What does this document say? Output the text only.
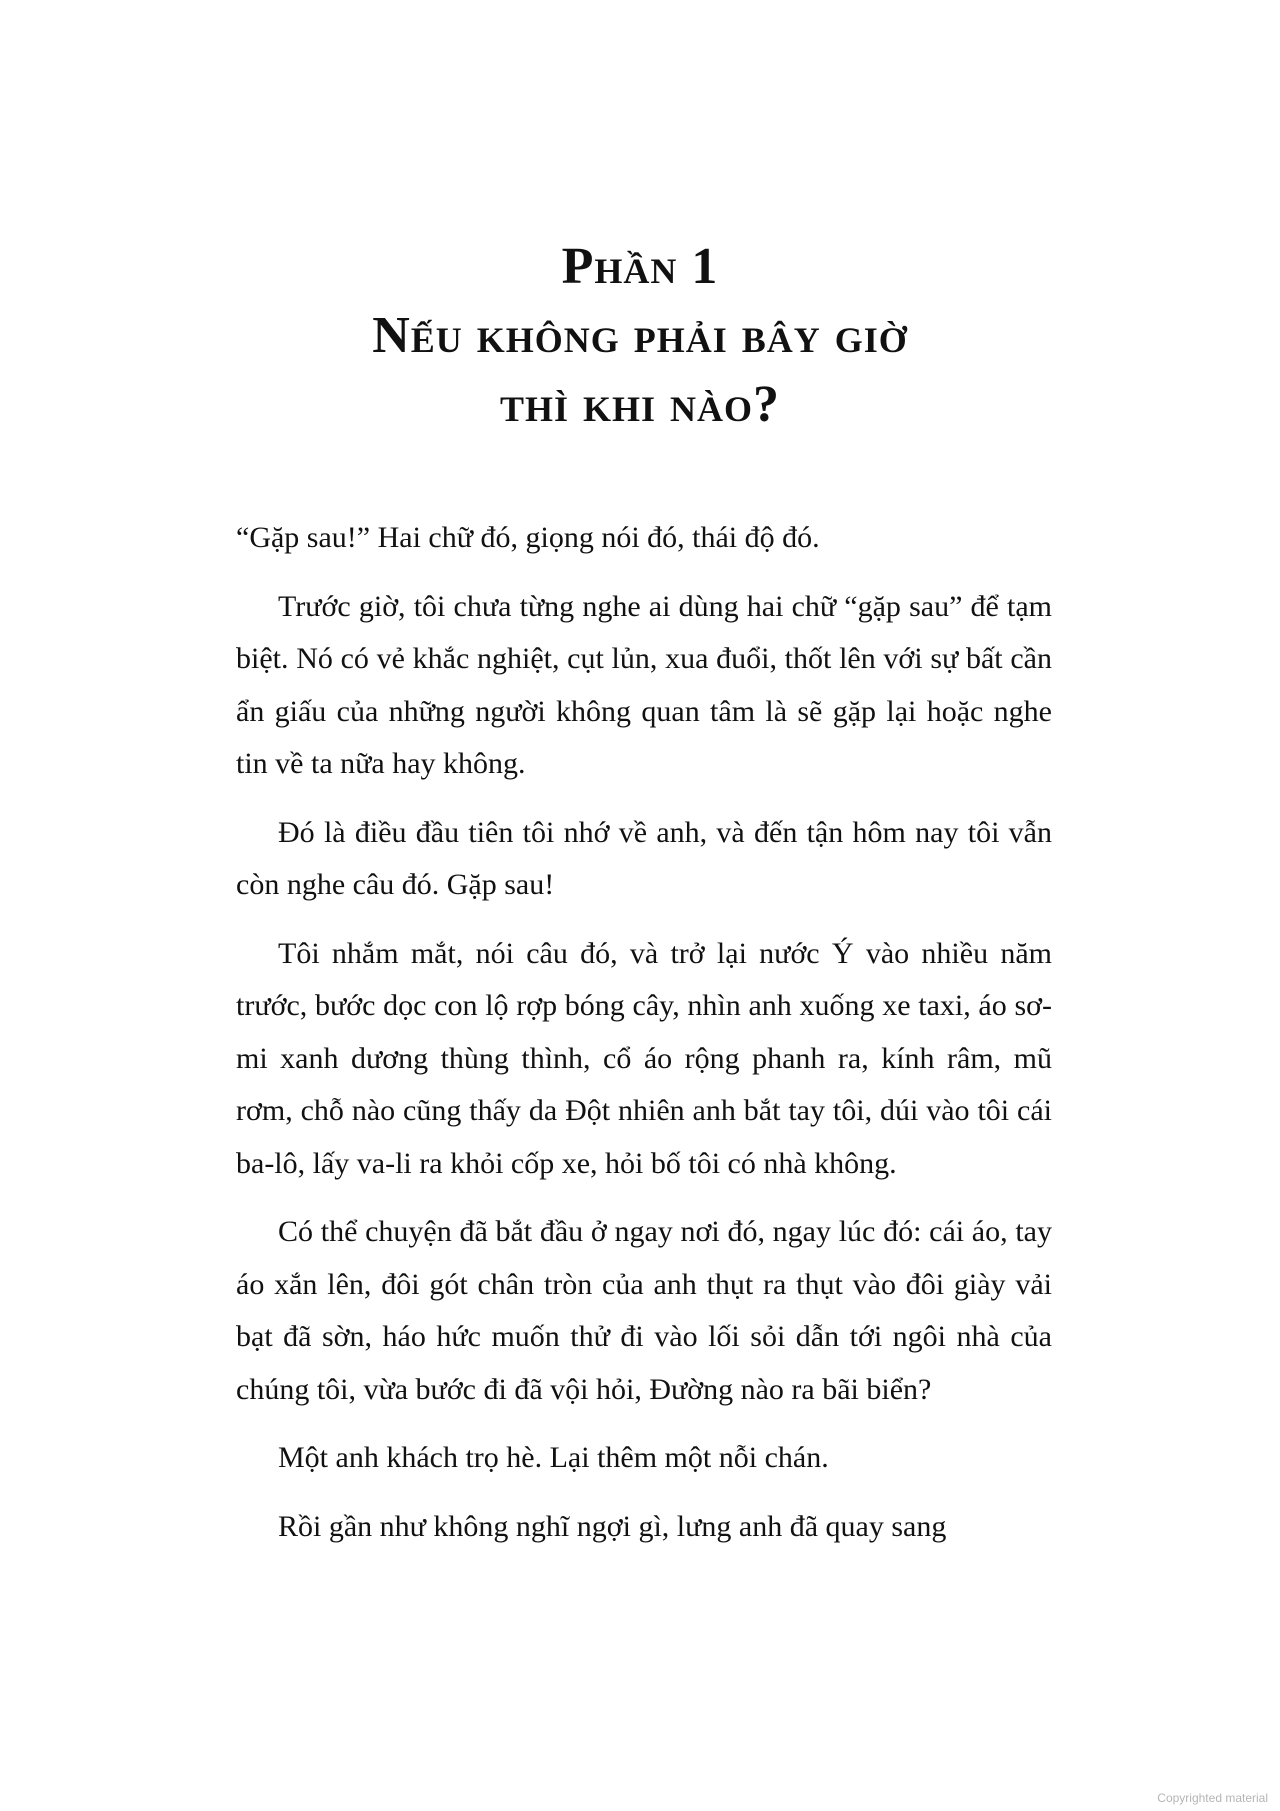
Phần 1
Nếu không phải bây giờ
thì khi nào?

“Gặp sau!” Hai chữ đó, giọng nói đó, thái độ đó.

Trước giờ, tôi chưa từng nghe ai dùng hai chữ “gặp sau” để tạm biệt. Nó có vẻ khắc nghiệt, cụt lủn, xua đuổi, thốt lên với sự bất cần ẩn giấu của những người không quan tâm là sẽ gặp lại hoặc nghe tin về ta nữa hay không.

Đó là điều đầu tiên tôi nhớ về anh, và đến tận hôm nay tôi vẫn còn nghe câu đó. Gặp sau!

Tôi nhắm mắt, nói câu đó, và trở lại nước Ý vào nhiều năm trước, bước dọc con lộ rợp bóng cây, nhìn anh xuống xe taxi, áo sơ-mi xanh dương thùng thình, cổ áo rộng phanh ra, kính râm, mũ rơm, chỗ nào cũng thấy da Đột nhiên anh bắt tay tôi, dúi vào tôi cái ba-lô, lấy va-li ra khỏi cốp xe, hỏi bố tôi có nhà không.

Có thể chuyện đã bắt đầu ở ngay nơi đó, ngay lúc đó: cái áo, tay áo xắn lên, đôi gót chân tròn của anh thụt ra thụt vào đôi giày vải bạt đã sờn, háo hức muốn thử đi vào lối sỏi dẫn tới ngôi nhà của chúng tôi, vừa bước đi đã vội hỏi, Đường nào ra bãi biển?

Một anh khách trọ hè. Lại thêm một nỗi chán.

Rồi gần như không nghĩ ngợi gì, lưng anh đã quay sang

Copyrighted material
